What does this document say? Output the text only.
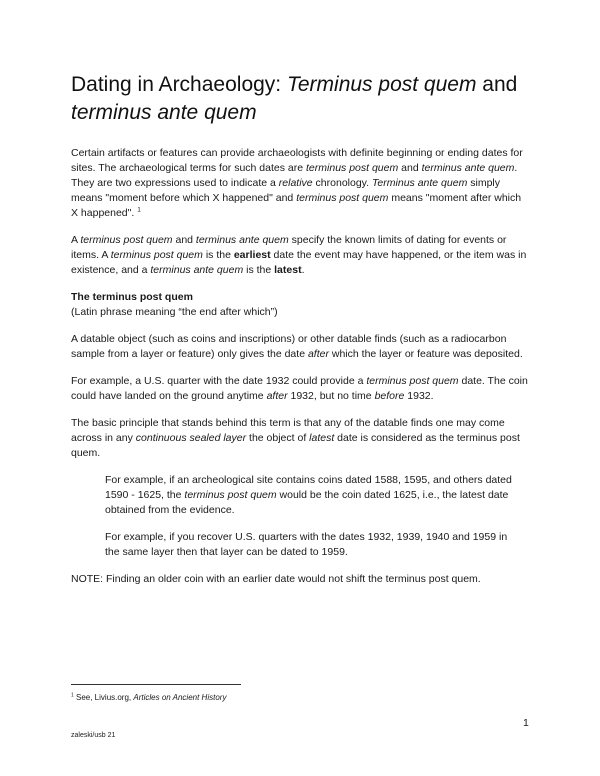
Dating in Archaeology: Terminus post quem and
terminus ante quem

Certain artifacts or features can provide archaeologists with definite beginning or ending dates for sites. The archaeological terms for such dates are terminus post quem and terminus ante quem. They are two expressions used to indicate a relative chronology. Terminus ante quem simply means "moment before which X happened" and terminus post quem means "moment after which X happened". $^1$

A terminus post quem and terminus ante quem specify the known limits of dating for events or items. A terminus post quem is the earliest date the event may have happened, or the item was in existence, and a terminus ante quem is the latest.

The terminus post quem

(Latin phrase meaning “the end after which”)

A datable object (such as coins and inscriptions) or other datable finds (such as a radiocarbon sample from a layer or feature) only gives the date after which the layer or feature was deposited.

For example, a U.S. quarter with the date 1932 could provide a terminus post quem date. The coin could have landed on the ground anytime after 1932, but no time before 1932.

The basic principle that stands behind this term is that any of the datable finds one may come across in any continuous sealed layer the object of latest date is considered as the terminus post quem.

For example, if an archeological site contains coins dated 1588, 1595, and others dated 1590 - 1625, the terminus post quem would be the coin dated 1625, i.e., the latest date obtained from the evidence.

For example, if you recover U.S. quarters with the dates 1932, 1939, 1940 and 1959 in the same layer then that layer can be dated to 1959.

NOTE: Finding an older coin with an earlier date would not shift the terminus post quem.

$^1$ See, Livius.org, Articles on Ancient History
1
zaleski/usb 21
